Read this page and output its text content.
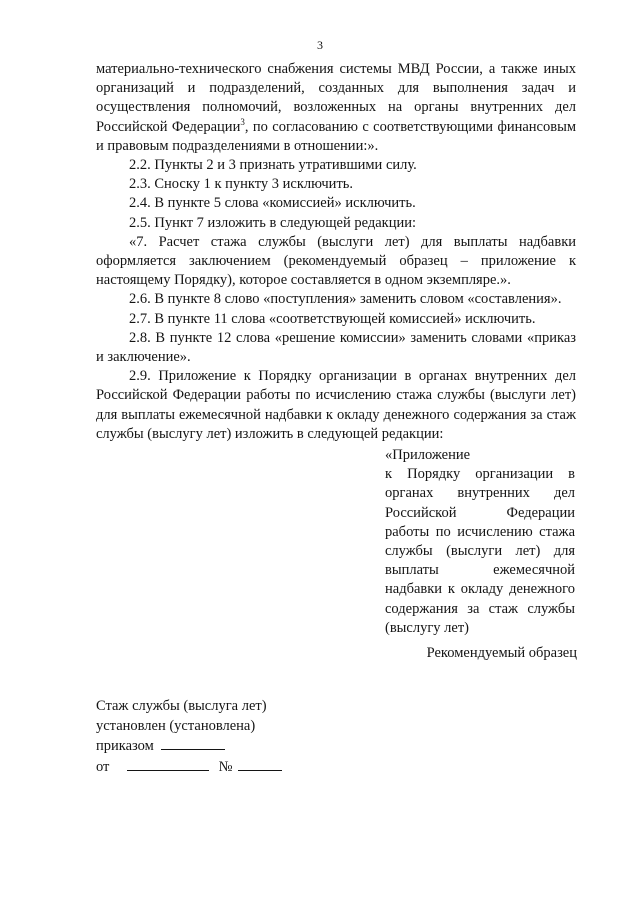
3

материально-технического снабжения системы МВД России, а также иных организаций и подразделений, созданных для выполнения задач и осуществления полномочий, возложенных на органы внутренних дел Российской Федерации$^3$, по согласованию с соответствующими финансовым и правовым подразделениями в отношении:».

2.2. Пункты 2 и 3 признать утратившими силу.

2.3. Сноску 1 к пункту 3 исключить.

2.4. В пункте 5 слова «комиссией» исключить.

2.5. Пункт 7 изложить в следующей редакции:

«7. Расчет стажа службы (выслуги лет) для выплаты надбавки оформляется заключением (рекомендуемый образец – приложение к настоящему Порядку), которое составляется в одном экземпляре.».

2.6. В пункте 8 слово «поступления» заменить словом «составления».

2.7. В пункте 11 слова «соответствующей комиссией» исключить.

2.8. В пункте 12 слова «решение комиссии» заменить словами «приказ и заключение».

2.9. Приложение к Порядку организации в органах внутренних дел Российской Федерации работы по исчислению стажа службы (выслуги лет) для выплаты ежемесячной надбавки к окладу денежного содержания за стаж службы (выслугу лет) изложить в следующей редакции:

«Приложение
к Порядку организации в
органах внутренних дел
Российской Федерации
работы по исчислению стажа
службы (выслуги лет) для
выплаты ежемесячной
надбавки к окладу денежного
содержания за стаж службы
(выслугу лет)
Рекомендуемый образец
Стаж службы (выслуга лет)
установлен (установлена)
приказом
от	№
